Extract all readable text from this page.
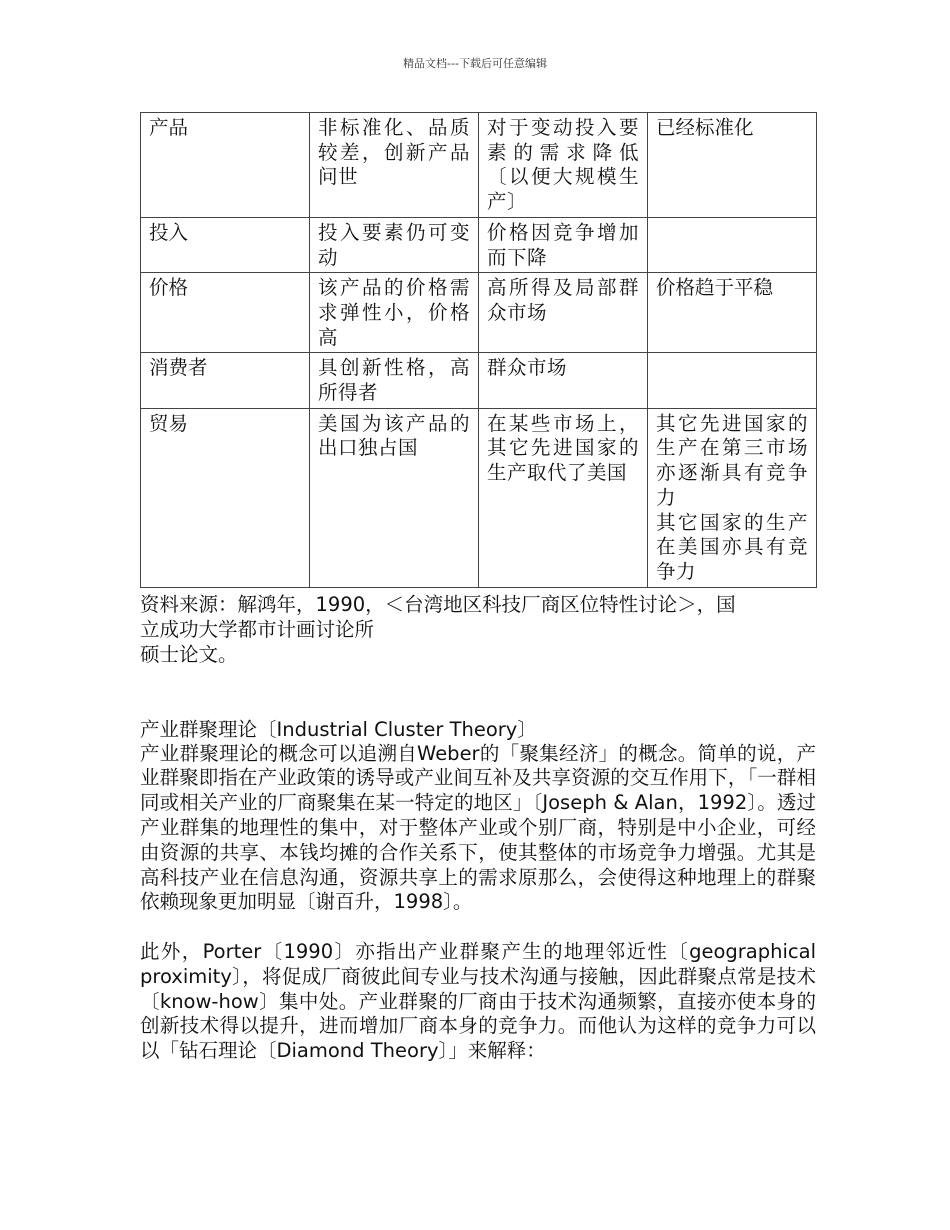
精品文档---下载后可任意编辑
产品	非标准化、品质较差，创新产品问世	对于变动投入要素的需求降低〔以便大规模生产〕	已经标准化
投入	投入要素仍可变动	价格因竞争增加而下降	
价格	该产品的价格需求弹性小，价格高	高所得及局部群众市场	价格趋于平稳
消费者	具创新性格，高所得者	群众市场	
贸易	美国为该产品的出口独占国	在某些市场上，其它先进国家的生产取代了美国	其它先进国家的生产在第三市场亦逐渐具有竞争力
其它国家的生产在美国亦具有竞争力
资料来源：解鸿年，1990，＜台湾地区科技厂商区位特性讨论＞，国
立成功大学都市计画讨论所
硕士论文。
产业群聚理论〔Industrial Cluster Theory〕
产业群聚理论的概念可以追溯自Weber的「聚集经济」的概念。简单的说，产业群聚即指在产业政策的诱导或产业间互补及共享资源的交互作用下，「一群相同或相关产业的厂商聚集在某一特定的地区」〔Joseph & Alan，1992〕。透过产业群集的地理性的集中，对于整体产业或个别厂商，特别是中小企业，可经由资源的共享、本钱均摊的合作关系下，使其整体的市场竞争力增强。尤其是高科技产业在信息沟通，资源共享上的需求原那么，会使得这种地理上的群聚依赖现象更加明显〔谢百升，1998〕。
此外，Porter〔1990〕亦指出产业群聚产生的地理邻近性〔geographical proximity〕，将促成厂商彼此间专业与技术沟通与接触，因此群聚点常是技术〔know-how〕集中处。产业群聚的厂商由于技术沟通频繁，直接亦使本身的创新技术得以提升，进而增加厂商本身的竞争力。而他认为这样的竞争力可以以「钻石理论〔Diamond Theory〕」来解释：
